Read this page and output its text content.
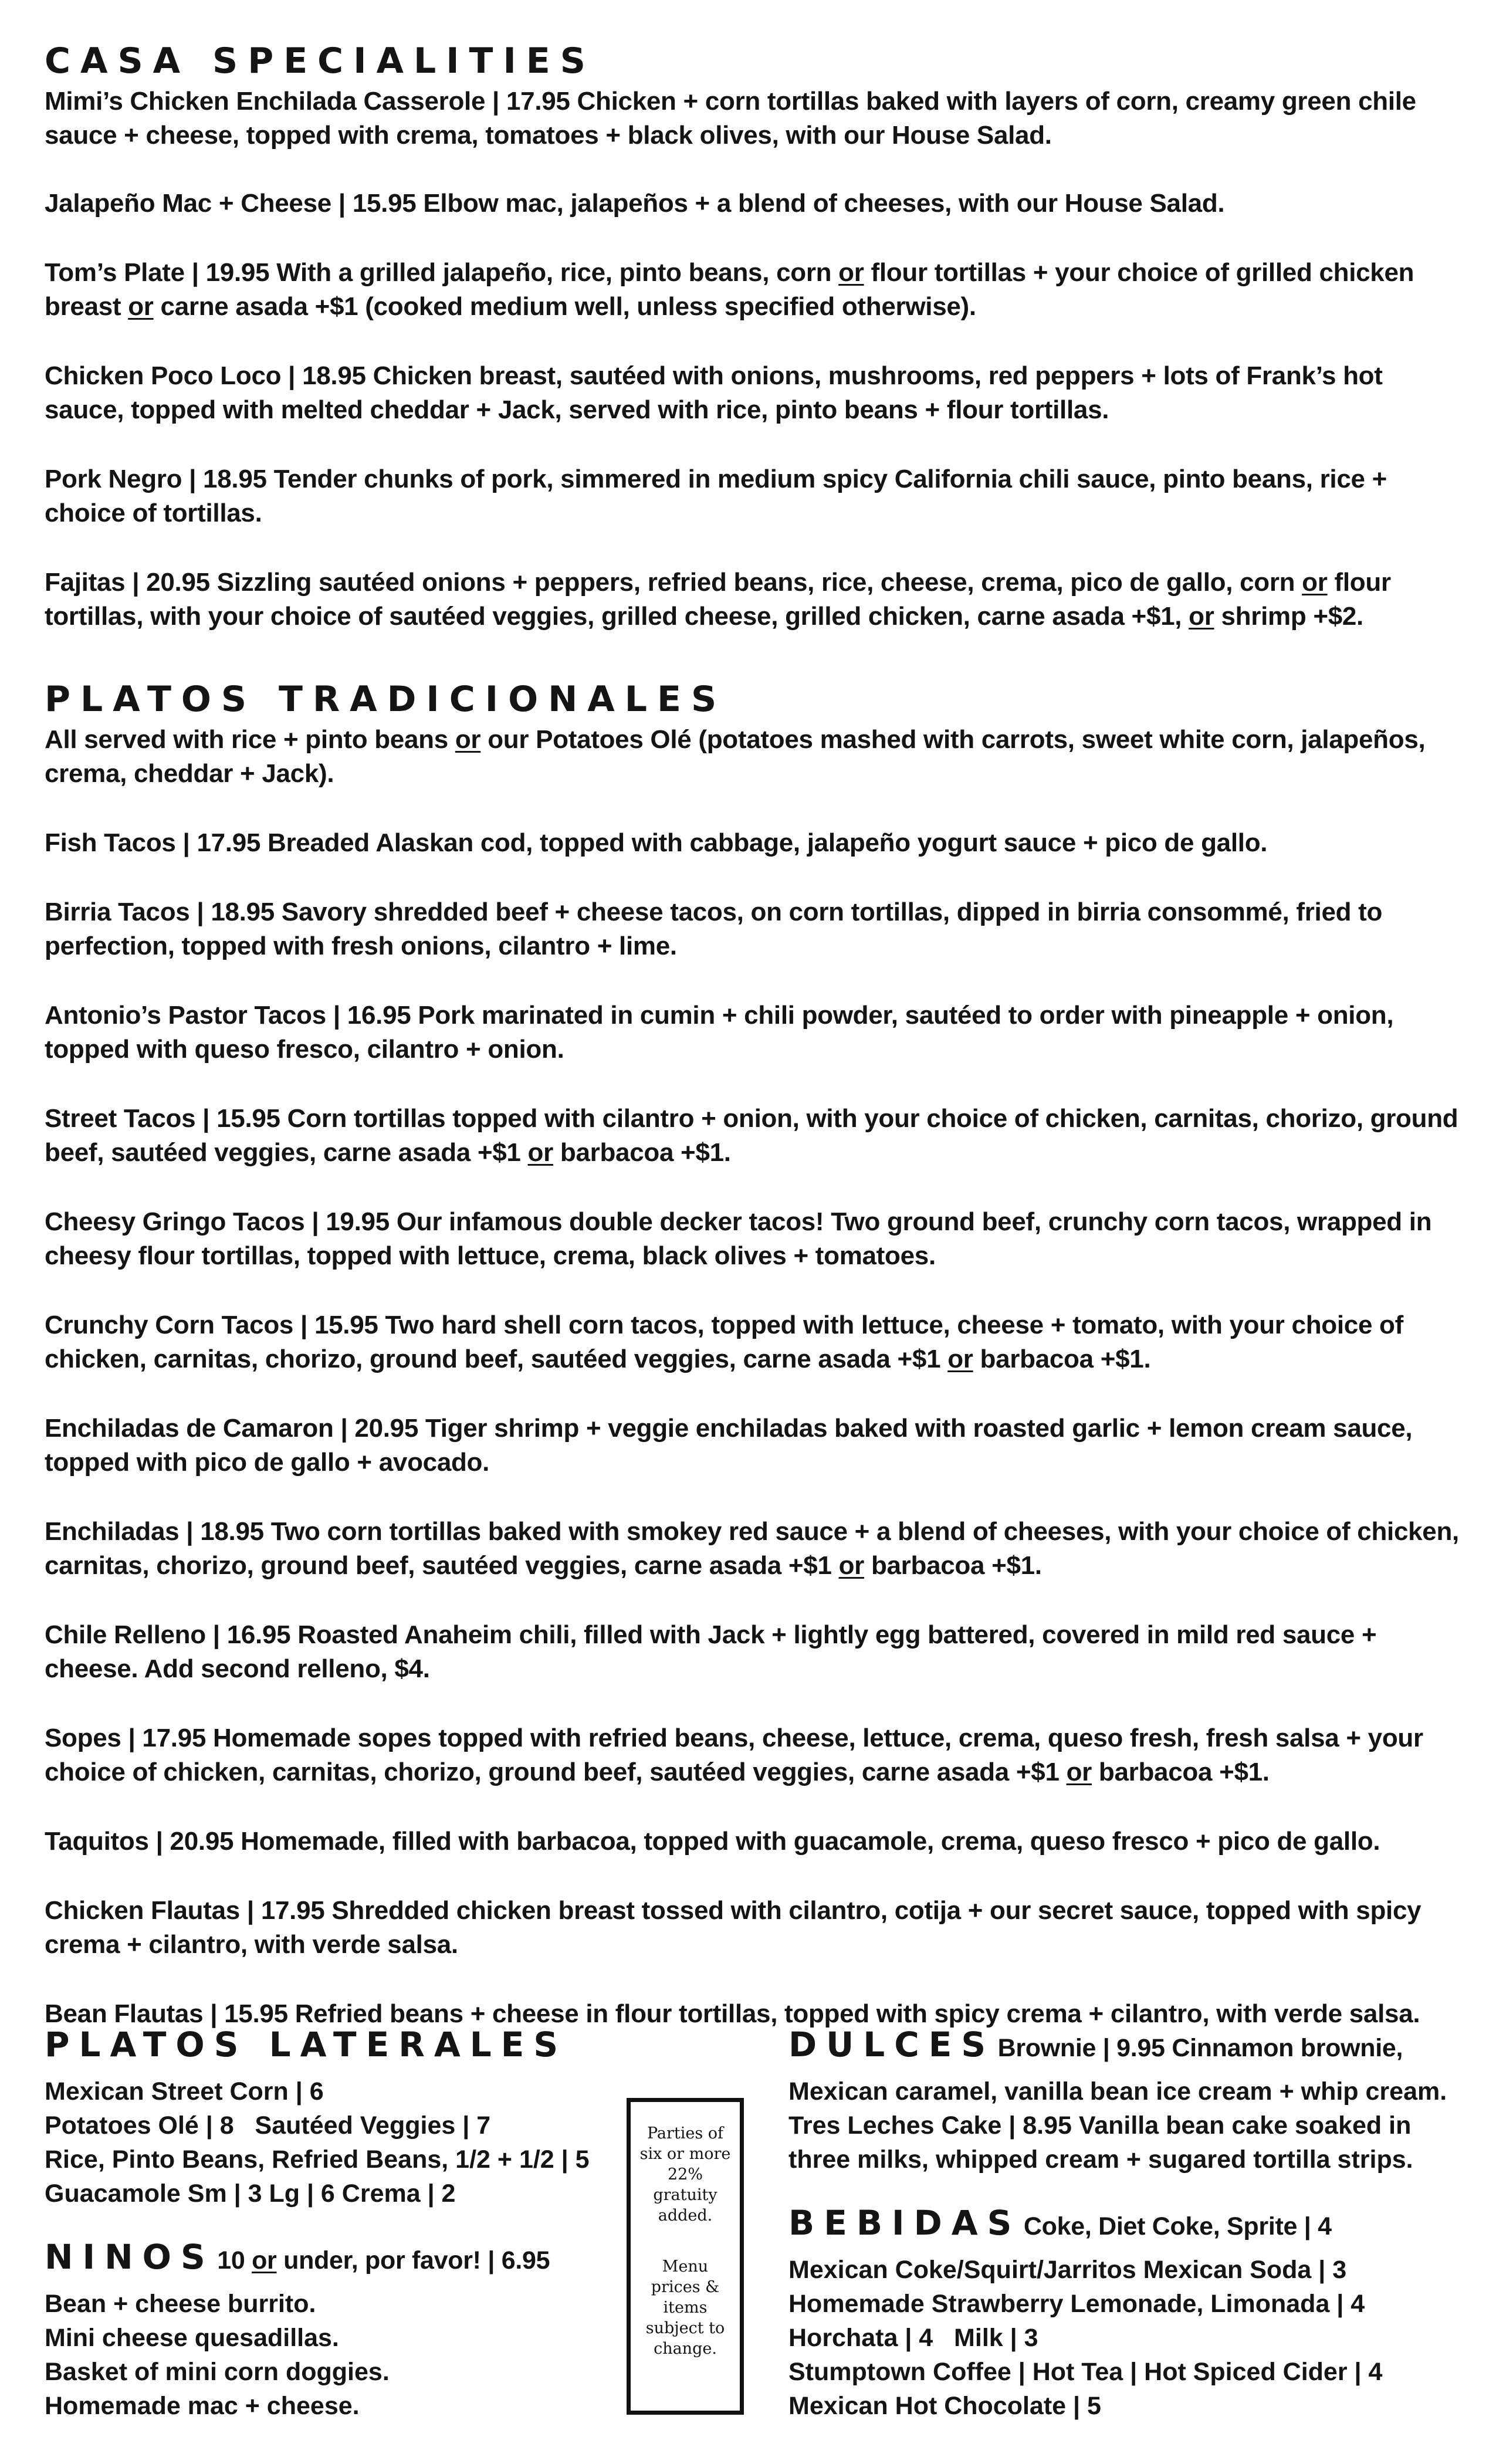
CASA SPECIALITIES
Mimi’s Chicken Enchilada Casserole | 17.95 Chicken + corn tortillas baked with layers of corn, creamy green chile sauce + cheese, topped with crema, tomatoes + black olives, with our House Salad.
Jalapeño Mac + Cheese | 15.95 Elbow mac, jalapeños + a blend of cheeses, with our House Salad.
Tom’s Plate | 19.95 With a grilled jalapeño, rice, pinto beans, corn or flour tortillas + your choice of grilled chicken breast or carne asada +$1 (cooked medium well, unless specified otherwise).
Chicken Poco Loco | 18.95 Chicken breast, sautéed with onions, mushrooms, red peppers + lots of Frank’s hot sauce, topped with melted cheddar + Jack, served with rice, pinto beans + flour tortillas.
Pork Negro | 18.95 Tender chunks of pork, simmered in medium spicy California chili sauce, pinto beans, rice + choice of tortillas.
Fajitas | 20.95 Sizzling sautéed onions + peppers, refried beans, rice, cheese, crema, pico de gallo, corn or flour tortillas, with your choice of sautéed veggies, grilled cheese, grilled chicken, carne asada +$1, or shrimp +$2.
PLATOS TRADICIONALES
All served with rice + pinto beans or our Potatoes Olé (potatoes mashed with carrots, sweet white corn, jalapeños, crema, cheddar + Jack).
Fish Tacos | 17.95 Breaded Alaskan cod, topped with cabbage, jalapeño yogurt sauce + pico de gallo.
Birria Tacos | 18.95 Savory shredded beef + cheese tacos, on corn tortillas, dipped in birria consommé, fried to perfection, topped with fresh onions, cilantro + lime.
Antonio’s Pastor Tacos | 16.95 Pork marinated in cumin + chili powder, sautéed to order with pineapple + onion, topped with queso fresco, cilantro + onion.
Street Tacos | 15.95 Corn tortillas topped with cilantro + onion, with your choice of chicken, carnitas, chorizo, ground beef, sautéed veggies, carne asada +$1 or barbacoa +$1.
Cheesy Gringo Tacos | 19.95 Our infamous double decker tacos! Two ground beef, crunchy corn tacos, wrapped in cheesy flour tortillas, topped with lettuce, crema, black olives + tomatoes.
Crunchy Corn Tacos | 15.95 Two hard shell corn tacos, topped with lettuce, cheese + tomato, with your choice of chicken, carnitas, chorizo, ground beef, sautéed veggies, carne asada +$1 or barbacoa +$1.
Enchiladas de Camaron | 20.95 Tiger shrimp + veggie enchiladas baked with roasted garlic + lemon cream sauce, topped with pico de gallo + avocado.
Enchiladas | 18.95 Two corn tortillas baked with smokey red sauce + a blend of cheeses, with your choice of chicken, carnitas, chorizo, ground beef, sautéed veggies, carne asada +$1 or barbacoa +$1.
Chile Relleno | 16.95 Roasted Anaheim chili, filled with Jack + lightly egg battered, covered in mild red sauce + cheese. Add second relleno, $4.
Sopes | 17.95 Homemade sopes topped with refried beans, cheese, lettuce, crema, queso fresh, fresh salsa + your choice of chicken, carnitas, chorizo, ground beef, sautéed veggies, carne asada +$1 or barbacoa +$1.
Taquitos | 20.95 Homemade, filled with barbacoa, topped with guacamole, crema, queso fresco + pico de gallo.
Chicken Flautas | 17.95 Shredded chicken breast tossed with cilantro, cotija + our secret sauce, topped with spicy crema + cilantro, with verde salsa.
Bean Flautas | 15.95 Refried beans + cheese in flour tortillas, topped with spicy crema + cilantro, with verde salsa.
PLATOS LATERALES
Mexican Street Corn | 6
Potatoes Olé | 8   Sautéed Veggies | 7
Rice, Pinto Beans, Refried Beans, 1/2 + 1/2 | 5
Guacamole Sm | 3 Lg | 6 Crema | 2
NINOS 10 or under, por favor! | 6.95
Bean + cheese burrito.
Mini cheese quesadillas.
Basket of mini corn doggies.
Homemade mac + cheese.
Parties of
six or more
22%
gratuity
added.
Menu
prices &
items
subject to
change.
DULCES Brownie | 9.95 Cinnamon brownie,
Mexican caramel, vanilla bean ice cream + whip cream.
Tres Leches Cake | 8.95 Vanilla bean cake soaked in
three milks, whipped cream + sugared tortilla strips.
BEBIDAS Coke, Diet Coke, Sprite | 4
Mexican Coke/Squirt/Jarritos Mexican Soda | 3
Homemade Strawberry Lemonade, Limonada | 4
Horchata | 4   Milk | 3
Stumptown Coffee | Hot Tea | Hot Spiced Cider | 4
Mexican Hot Chocolate | 5
